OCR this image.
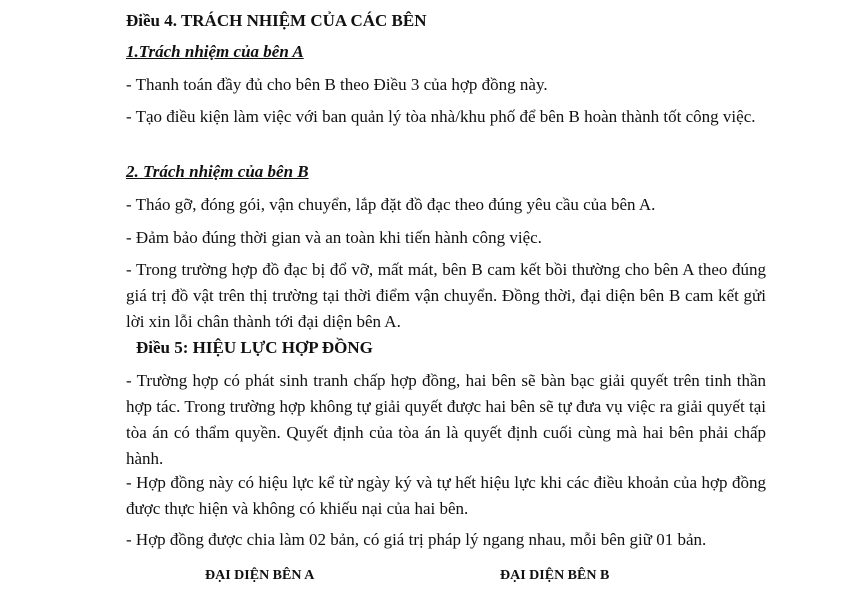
Điều 4. TRÁCH NHIỆM CỦA CÁC BÊN
1.Trách nhiệm của bên A
- Thanh toán đầy đủ cho bên B theo Điều 3 của hợp đồng này.
- Tạo điều kiện làm việc với ban quản lý tòa nhà/khu phố để bên B hoàn thành tốt công việc.
2. Trách nhiệm của bên B
- Tháo gỡ, đóng gói, vận chuyển, lắp đặt đồ đạc theo đúng yêu cầu của bên A.
- Đảm bảo đúng thời gian và an toàn khi tiến hành công việc.
- Trong trường hợp đồ đạc bị đổ vỡ, mất mát, bên B cam kết bồi thường cho bên A theo đúng giá trị đồ vật trên thị trường tại thời điểm vận chuyển. Đồng thời, đại diện bên B cam kết gửi lời xin lỗi chân thành tới đại diện bên A.
Điều 5: HIỆU LỰC HỢP ĐỒNG
- Trường hợp có phát sinh tranh chấp hợp đồng, hai bên sẽ bàn bạc giải quyết trên tinh thần hợp tác. Trong trường hợp không tự giải quyết được hai bên sẽ tự đưa vụ việc ra giải quyết tại tòa án có thẩm quyền. Quyết định của tòa án là quyết định cuối cùng mà hai bên phải chấp hành.
- Hợp đồng này có hiệu lực kể từ ngày ký và tự hết hiệu lực khi các điều khoản của hợp đồng được thực hiện và không có khiếu nại của hai bên.
- Hợp đồng được chia làm 02 bản, có giá trị pháp lý ngang nhau, mỗi bên giữ 01 bản.
ĐẠI DIỆN BÊN A	ĐẠI DIỆN BÊN B
